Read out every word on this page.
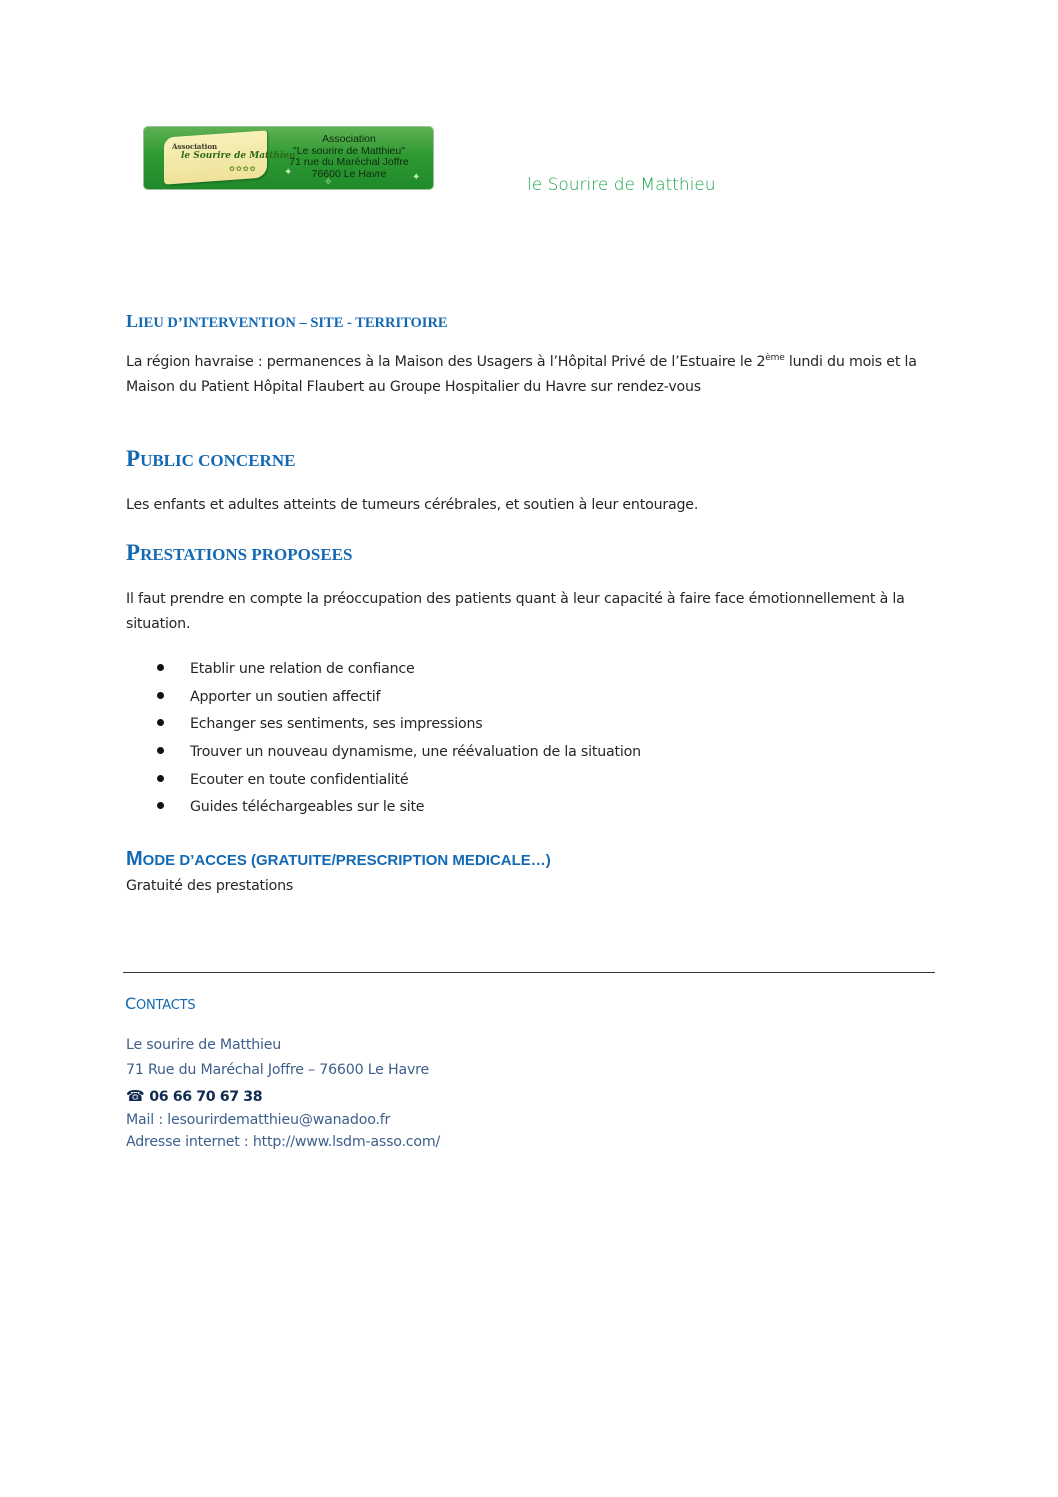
Association
le Sourire de Matthieu
✿✿✿✿	✦	✦
✧
Association
"Le sourire de Matthieu"
71 rue du Maréchal Joffre
76600 Le Havre
le Sourire de Matthieu
LIEU D’INTERVENTION – SITE - TERRITOIRE
La région havraise : permanences à la Maison des Usagers à l’Hôpital Privé de l’Estuaire le 2ème lundi du mois et la Maison du Patient Hôpital Flaubert au Groupe Hospitalier du Havre sur rendez-vous
PUBLIC CONCERNE
Les enfants et adultes atteints de tumeurs cérébrales, et soutien à leur entourage.
PRESTATIONS PROPOSEES
Il faut prendre en compte la préoccupation des patients quant à leur capacité à faire face émotionnellement à la situation.
Etablir une relation de confiance
Apporter un soutien affectif
Echanger ses sentiments, ses impressions
Trouver un nouveau dynamisme, une réévaluation de la situation
Ecouter en toute confidentialité
Guides téléchargeables sur le site
MODE D’ACCES (GRATUITE/PRESCRIPTION MEDICALE…)
Gratuité des prestations
CONTACTS
Le sourire de Matthieu
71 Rue du Maréchal Joffre – 76600 Le Havre
☎ 06 66 70 67 38
Mail : lesourirdematthieu@wanadoo.fr
Adresse internet : http://www.lsdm-asso.com/
